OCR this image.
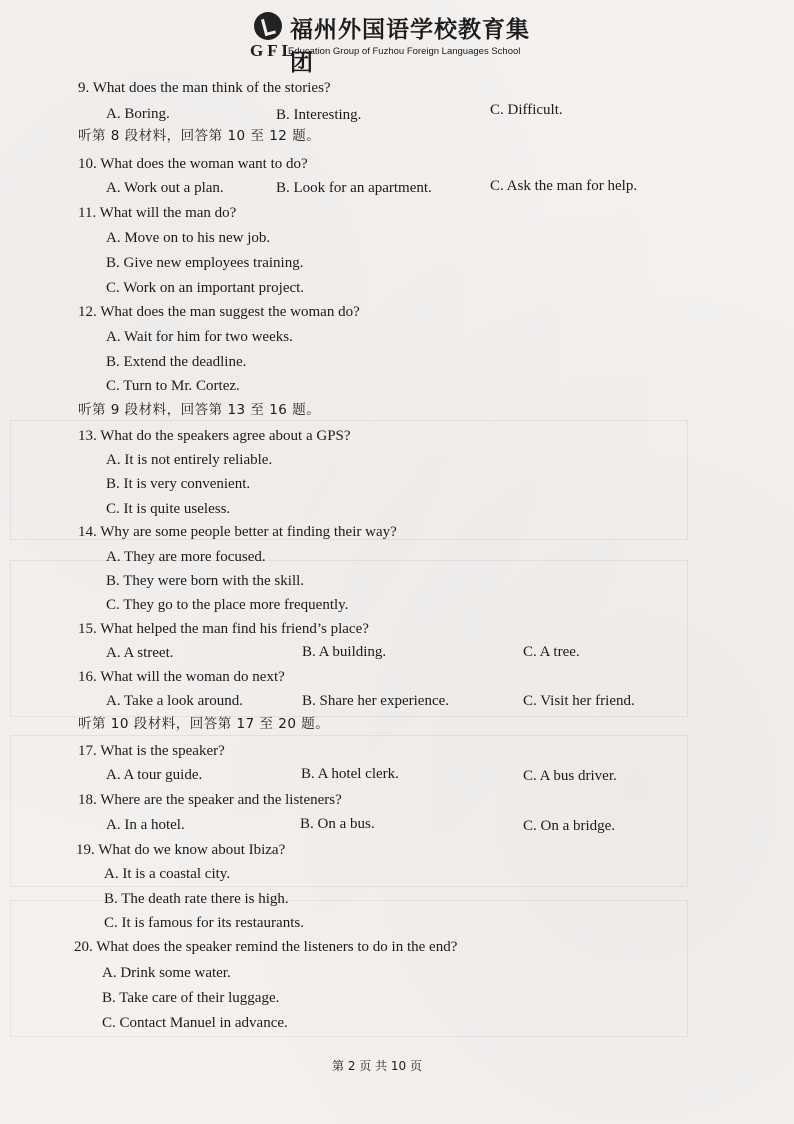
GFL
福州外国语学校教育集团
Education Group of Fuzhou Foreign Languages School
9. What does the man think of the stories?
A. Boring.	B. Interesting.	C. Difficult.
听第 8 段材料，回答第 10 至 12 题。
10. What does the woman want to do?
A. Work out a plan.	B. Look for an apartment.	C. Ask the man for help.
11. What will the man do?
A. Move on to his new job.
B. Give new employees training.
C. Work on an important project.
12. What does the man suggest the woman do?
A. Wait for him for two weeks.
B. Extend the deadline.
C. Turn to Mr. Cortez.
听第 9 段材料，回答第 13 至 16 题。
13. What do the speakers agree about a GPS?
A. It is not entirely reliable.
B. It is very convenient.
C. It is quite useless.
14. Why are some people better at finding their way?
A. They are more focused.
B. They were born with the skill.
C. They go to the place more frequently.
15. What helped the man find his friend’s place?
A. A street.	B. A building.	C. A tree.
16. What will the woman do next?
A. Take a look around.	B. Share her experience.	C. Visit her friend.
听第 10 段材料，回答第 17 至 20 题。
17. What is the speaker?
A. A tour guide.	B. A hotel clerk.	C. A bus driver.
18. Where are the speaker and the listeners?
A. In a hotel.	B. On a bus.	C. On a bridge.
19. What do we know about Ibiza?
A. It is a coastal city.
B. The death rate there is high.
C. It is famous for its restaurants.
20. What does the speaker remind the listeners to do in the end?
A. Drink some water.
B. Take care of their luggage.
C. Contact Manuel in advance.
第 2 页 共 10 页
